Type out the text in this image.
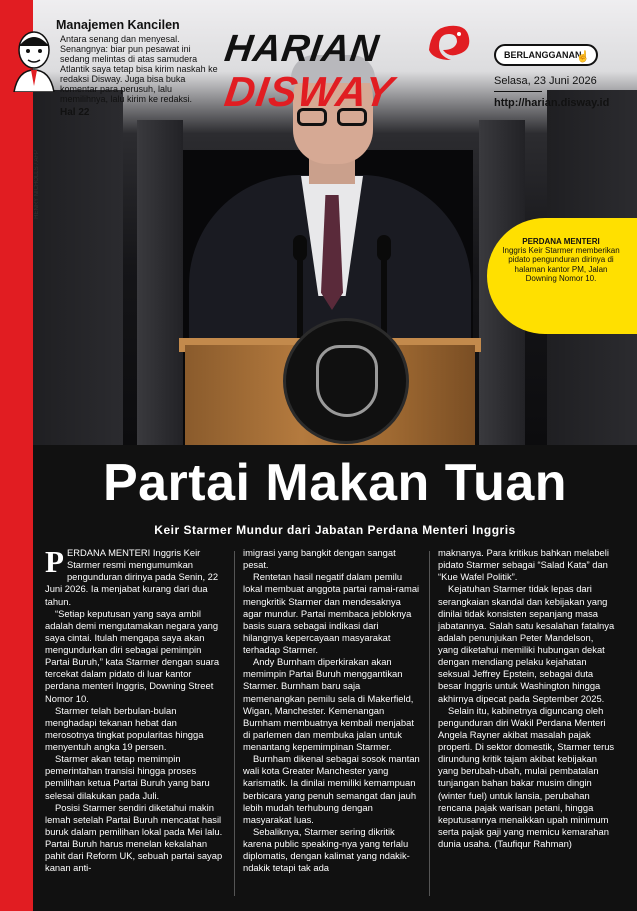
Manajemen Kancilen
Antara senang dan menyesal. Senangnya: biar pun pesawat ini sedang melintas di atas samudera Atlantik saya tetap bisa kirim naskah ke redaksi Disway. Juga bisa buka komentar para perusuh, lalu memilihnya, lalu kirim ke redaksi.
Hal 22
HENRY NICHOLLS / AFP
HARIAN
DISWAY
BERLANGGANAN
☝
Selasa, 23 Juni 2026
http://harian.disway.id
PERDANA MENTERI
Inggris Keir Starmer memberikan pidato pengunduran dirinya di halaman kantor PM, Jalan Downing Nomor 10.
Partai Makan Tuan
Keir Starmer Mundur dari Jabatan Perdana Menteri Inggris

PERDANA MENTERI Inggris Keir Starmer resmi mengumumkan pengunduran dirinya pada Senin, 22 Juni 2026. Ia menjabat kurang dari dua tahun.

“Setiap keputusan yang saya ambil adalah demi mengutamakan negara yang saya cintai. Itulah mengapa saya akan mengundurkan diri sebagai pemimpin Partai Buruh,” kata Starmer dengan suara tercekat dalam pidato di luar kantor perdana menteri Inggris, Downing Street Nomor 10.

Starmer telah berbulan-bulan menghadapi tekanan hebat dan merosotnya tingkat popularitas hingga menyentuh angka 19 persen.

Starmer akan tetap memimpin pemerintahan transisi hingga proses pemilihan ketua Partai Buruh yang baru selesai dilakukan pada Juli.

Posisi Starmer sendiri diketahui makin lemah setelah Partai Buruh mencatat hasil buruk dalam pemilihan lokal pada Mei lalu. Partai Buruh harus menelan kekalahan pahit dari Reform UK, sebuah partai sayap kanan anti-

imigrasi yang bangkit dengan sangat pesat.

Rentetan hasil negatif dalam pemilu lokal membuat anggota partai ramai-ramai mengkritik Starmer dan mendesaknya agar mundur. Partai membaca jebloknya basis suara sebagai indikasi dari hilangnya kepercayaan masyarakat terhadap Starmer.

Andy Burnham diperkirakan akan memimpin Partai Buruh menggantikan Starmer. Burnham baru saja memenangkan pemilu sela di Makerfield, Wigan, Manchester. Kemenangan Burnham membuatnya kembali menjabat di parlemen dan membuka jalan untuk menantang kepemimpinan Starmer.

Burnham dikenal sebagai sosok mantan wali kota Greater Manchester yang karismatik. Ia dinilai memiliki kemampuan berbicara yang penuh semangat dan jauh lebih mudah terhubung dengan masyarakat luas.

Sebaliknya, Starmer sering dikritik karena public speaking-nya yang terlalu diplomatis, dengan kalimat yang ndakik-ndakik tetapi tak ada

maknanya. Para kritikus bahkan melabeli pidato Starmer sebagai “Salad Kata” dan “Kue Wafel Politik”.

Kejatuhan Starmer tidak lepas dari serangkaian skandal dan kebijakan yang dinilai tidak konsisten sepanjang masa jabatannya. Salah satu kesalahan fatalnya adalah penunjukan Peter Mandelson, yang diketahui memiliki hubungan dekat dengan mendiang pelaku kejahatan seksual Jeffrey Epstein, sebagai duta besar Inggris untuk Washington hingga akhirnya dipecat pada September 2025.

Selain itu, kabinetnya diguncang oleh pengunduran diri Wakil Perdana Menteri Angela Rayner akibat masalah pajak properti. Di sektor domestik, Starmer terus dirundung kritik tajam akibat kebijakan yang berubah-ubah, mulai pembatalan tunjangan bahan bakar musim dingin (winter fuel) untuk lansia, perubahan rencana pajak warisan petani, hingga keputusannya menaikkan upah minimum serta pajak gaji yang memicu kemarahan dunia usaha. (Taufiqur Rahman)
